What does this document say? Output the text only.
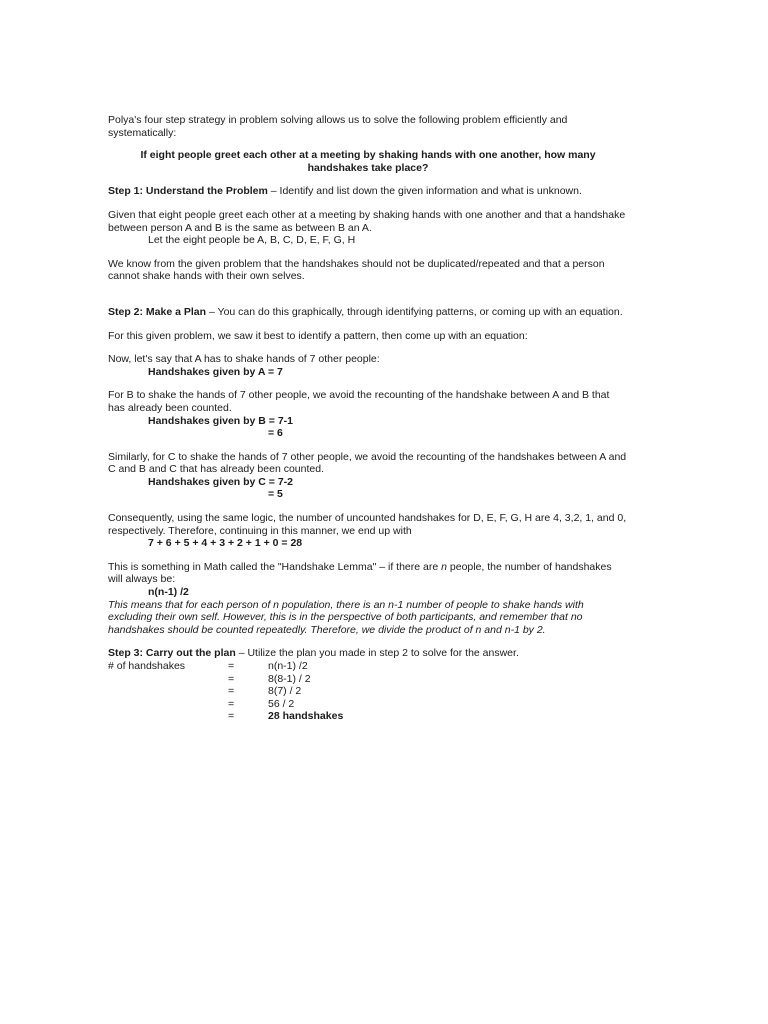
Polya's four step strategy in problem solving allows us to solve the following problem efficiently and systematically:

If eight people greet each other at a meeting by shaking hands with one another, how many handshakes take place?

Step 1: Understand the Problem – Identify and list down the given information and what is unknown.

Given that eight people greet each other at a meeting by shaking hands with one another and that a handshake between person A and B is the same as between B an A.

Let the eight people be A, B, C, D, E, F, G, H

We know from the given problem that the handshakes should not be duplicated/repeated and that a person cannot shake hands with their own selves.

Step 2: Make a Plan – You can do this graphically, through identifying patterns, or coming up with an equation.

For this given problem, we saw it best to identify a pattern, then come up with an equation:

Now, let's say that A has to shake hands of 7 other people:

Handshakes given by A = 7

For B to shake the hands of 7 other people, we avoid the recounting of the handshake between A and B that has already been counted.

Handshakes given by B = 7-1

= 6

Similarly, for C to shake the hands of 7 other people, we avoid the recounting of the handshakes between A and C and B and C that has already been counted.

Handshakes given by C = 7-2

= 5

Consequently, using the same logic, the number of uncounted handshakes for D, E, F, G, H are 4, 3,2, 1, and 0, respectively. Therefore, continuing in this manner, we end up with

7 + 6 + 5 + 4 + 3 + 2 + 1 + 0 = 28

This is something in Math called the "Handshake Lemma" – if there are n people, the number of handshakes will always be:

n(n-1) /2

This means that for each person of n population, there is an n-1 number of people to shake hands with excluding their own self. However, this is in the perspective of both participants, and remember that no handshakes should be counted repeatedly. Therefore, we divide the product of n and n-1 by 2.

Step 3: Carry out the plan – Utilize the plan you made in step 2 to solve for the answer.

# of handshakes	=	n(n-1) /2
=	8(8-1) / 2
=	8(7) / 2
=	56 / 2
=	28 handshakes
